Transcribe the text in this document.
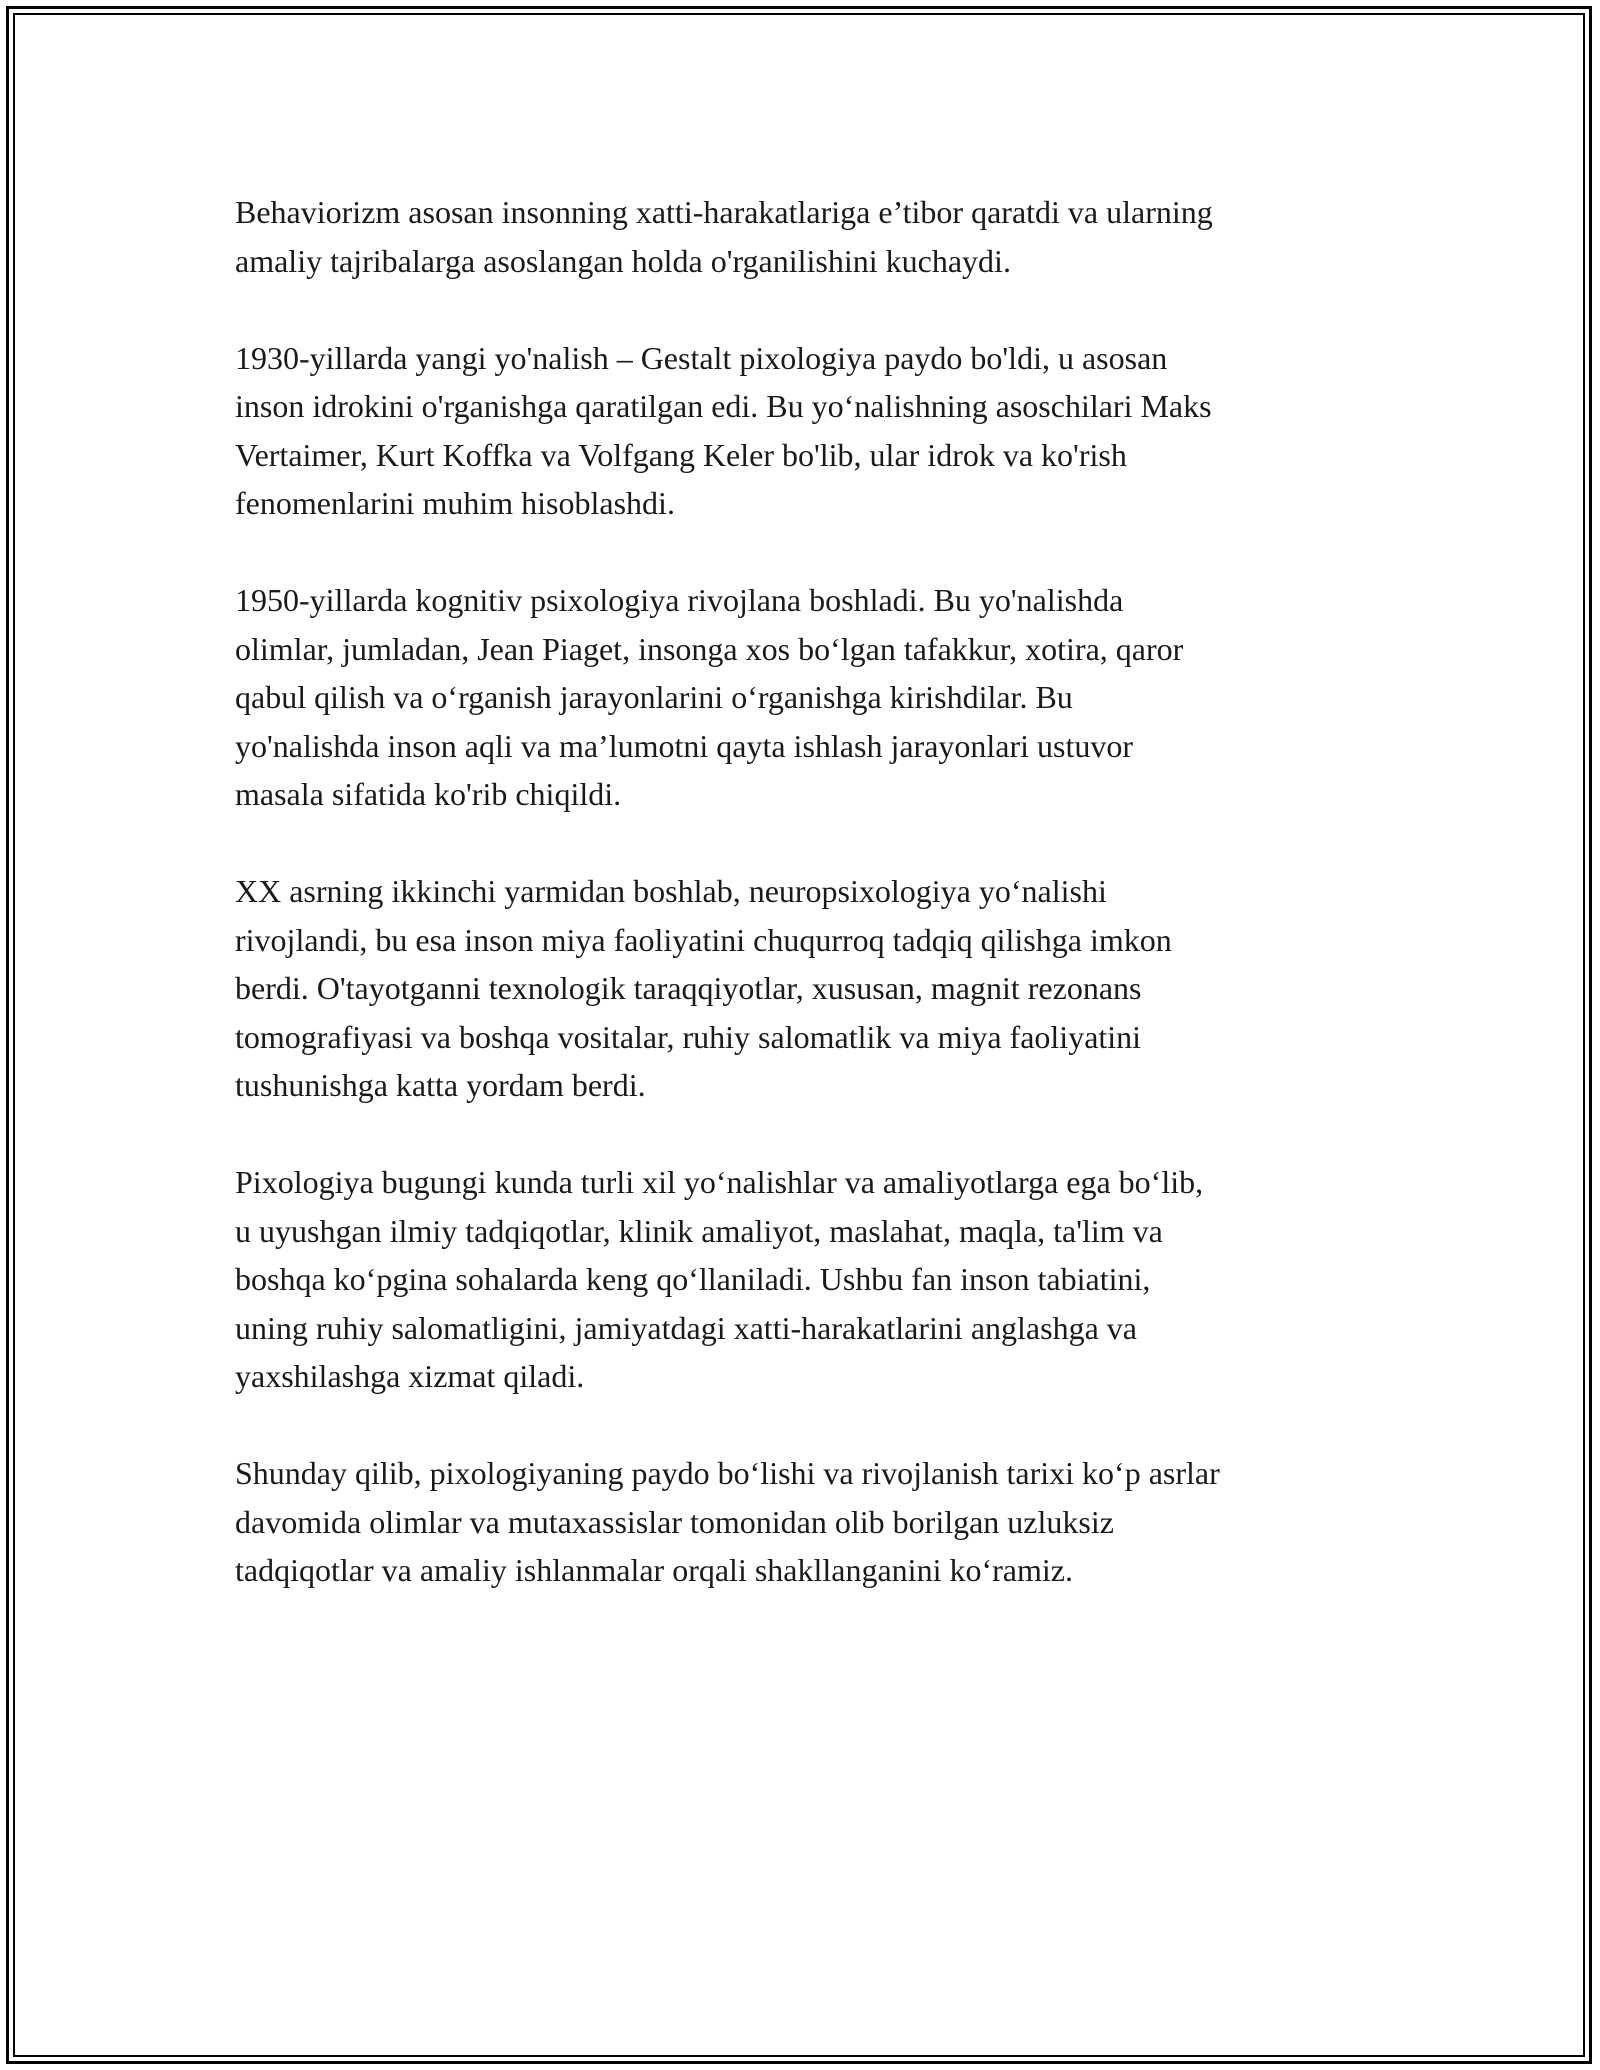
Behaviorizm asosan insonning xatti-harakatlariga e’tibor qaratdi va ularning
amaliy tajribalarga asoslangan holda o'rganilishini kuchaydi.

1930-yillarda yangi yo'nalish – Gestalt pixologiya paydo bo'ldi, u asosan
inson idrokini o'rganishga qaratilgan edi. Bu yo‘nalishning asoschilari Maks
Vertaimer, Kurt Koffka va Volfgang Keler bo'lib, ular idrok va ko'rish
fenomenlarini muhim hisoblashdi.

1950-yillarda kognitiv psixologiya rivojlana boshladi. Bu yo'nalishda
olimlar, jumladan, Jean Piaget, insonga xos bo‘lgan tafakkur, xotira, qaror
qabul qilish va o‘rganish jarayonlarini o‘rganishga kirishdilar. Bu
yo'nalishda inson aqli va ma’lumotni qayta ishlash jarayonlari ustuvor
masala sifatida ko'rib chiqildi.

XX asrning ikkinchi yarmidan boshlab, neuropsixologiya yo‘nalishi
rivojlandi, bu esa inson miya faoliyatini chuqurroq tadqiq qilishga imkon
berdi. O'tayotganni texnologik taraqqiyotlar, xususan, magnit rezonans
tomografiyasi va boshqa vositalar, ruhiy salomatlik va miya faoliyatini
tushunishga katta yordam berdi.

Pixologiya bugungi kunda turli xil yo‘nalishlar va amaliyotlarga ega bo‘lib,
u uyushgan ilmiy tadqiqotlar, klinik amaliyot, maslahat, maqla, ta'lim va
boshqa ko‘pgina sohalarda keng qo‘llaniladi. Ushbu fan inson tabiatini,
uning ruhiy salomatligini, jamiyatdagi xatti-harakatlarini anglashga va
yaxshilashga xizmat qiladi.

Shunday qilib, pixologiyaning paydo bo‘lishi va rivojlanish tarixi ko‘p asrlar
davomida olimlar va mutaxassislar tomonidan olib borilgan uzluksiz
tadqiqotlar va amaliy ishlanmalar orqali shakllanganini ko‘ramiz.
